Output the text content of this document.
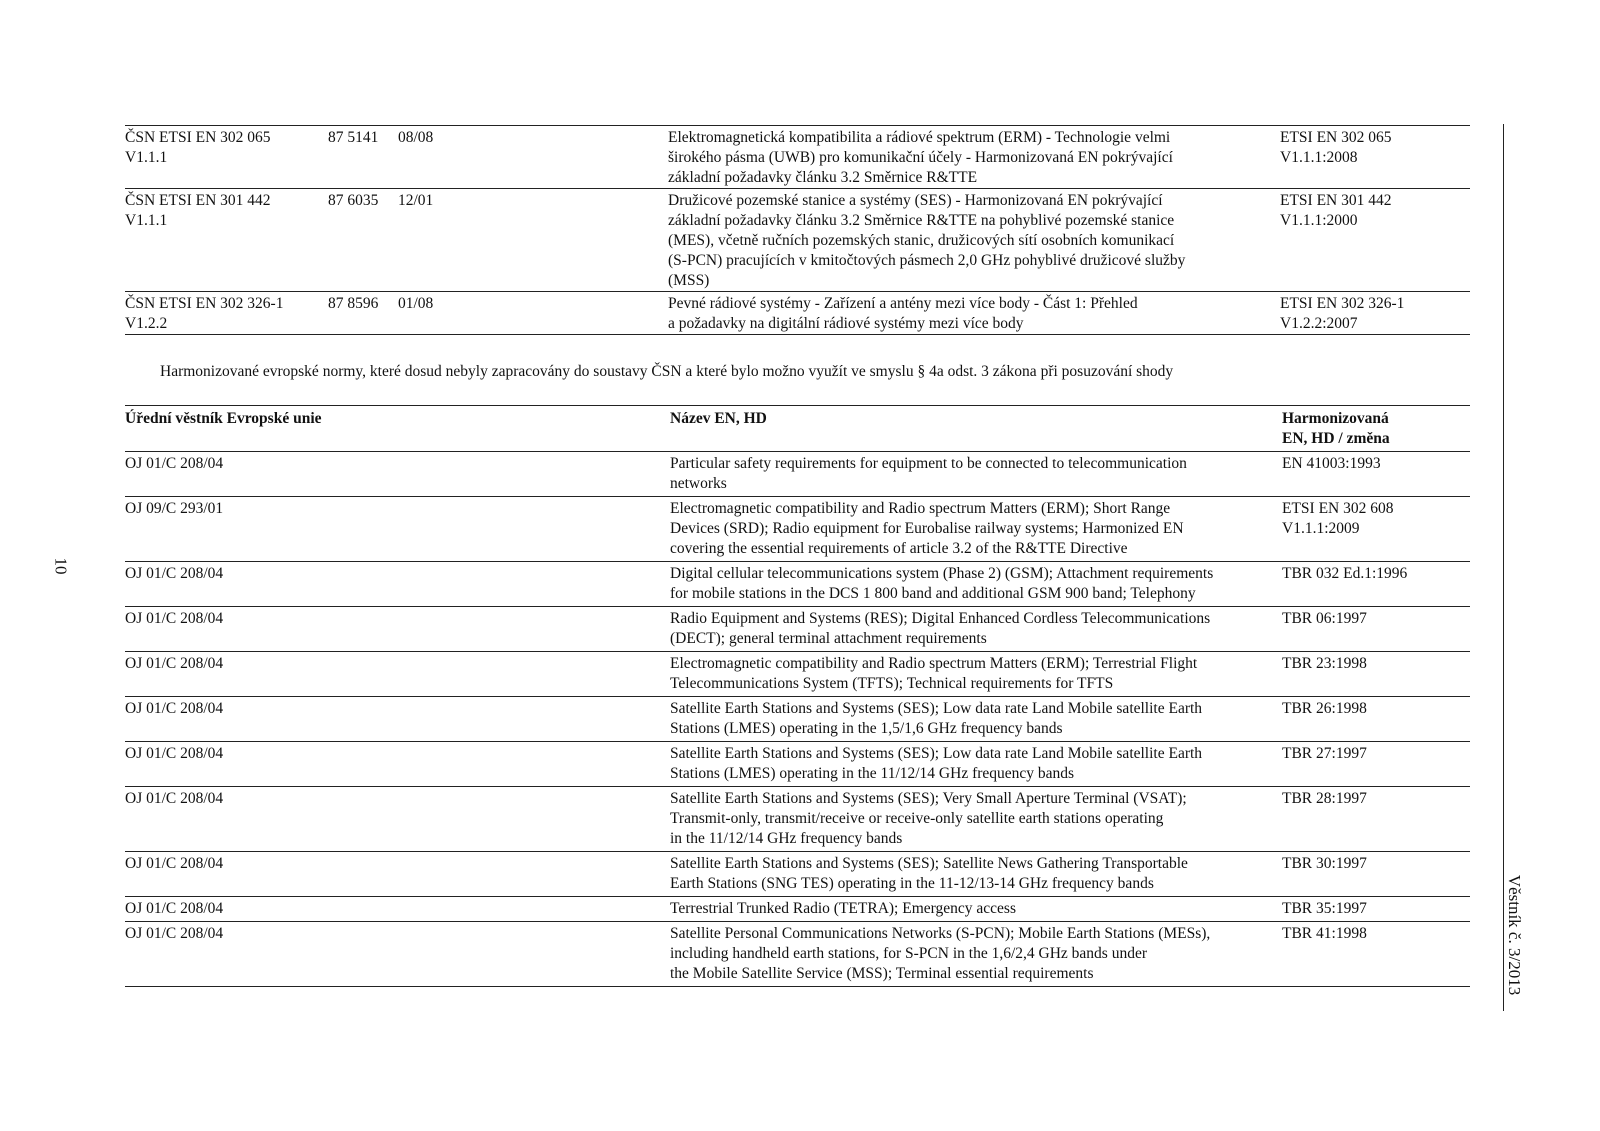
ČSN ETSI EN 302 065
V1.1.1	87 5141	08/08	Elektromagnetická kompatibilita a rádiové spektrum (ERM) - Technologie velmi
širokého pásma (UWB) pro komunikační účely - Harmonizovaná EN pokrývající
základní požadavky článku 3.2 Směrnice R&TTE	ETSI EN 302 065
V1.1.1:2008
ČSN ETSI EN 301 442
V1.1.1	87 6035	12/01	Družicové pozemské stanice a systémy (SES) - Harmonizovaná EN pokrývající
základní požadavky článku 3.2 Směrnice R&TTE na pohyblivé pozemské stanice
(MES), včetně ručních pozemských stanic, družicových sítí osobních komunikací
(S-PCN) pracujících v kmitočtových pásmech 2,0 GHz pohyblivé družicové služby
(MSS)	ETSI EN 301 442
V1.1.1:2000
ČSN ETSI EN 302 326-1
V1.2.2	87 8596	01/08	Pevné rádiové systémy - Zařízení a antény mezi více body - Část 1: Přehled
a požadavky na digitální rádiové systémy mezi více body	ETSI EN 302 326-1
V1.2.2:2007
Harmonizované evropské normy, které dosud nebyly zapracovány do soustavy ČSN a které bylo možno využít ve smyslu § 4a odst. 3 zákona při posuzování shody
Úřední věstník Evropské unie	Název EN, HD	Harmonizovaná
EN, HD / změna
OJ 01/C 208/04	Particular safety requirements for equipment to be connected to telecommunication
networks	EN 41003:1993
OJ 09/C 293/01	Electromagnetic compatibility and Radio spectrum Matters (ERM); Short Range
Devices (SRD); Radio equipment for Eurobalise railway systems; Harmonized EN
covering the essential requirements of article 3.2 of the R&TTE Directive	ETSI EN 302 608
V1.1.1:2009
OJ 01/C 208/04	Digital cellular telecommunications system (Phase 2) (GSM); Attachment requirements
for mobile stations in the DCS 1 800 band and additional GSM 900 band; Telephony	TBR 032 Ed.1:1996
OJ 01/C 208/04	Radio Equipment and Systems (RES); Digital Enhanced Cordless Telecommunications
(DECT); general terminal attachment requirements	TBR 06:1997
OJ 01/C 208/04	Electromagnetic compatibility and Radio spectrum Matters (ERM); Terrestrial Flight
Telecommunications System (TFTS); Technical requirements for TFTS	TBR 23:1998
OJ 01/C 208/04	Satellite Earth Stations and Systems (SES); Low data rate Land Mobile satellite Earth
Stations (LMES) operating in the 1,5/1,6 GHz frequency bands	TBR 26:1998
OJ 01/C 208/04	Satellite Earth Stations and Systems (SES); Low data rate Land Mobile satellite Earth
Stations (LMES) operating in the 11/12/14 GHz frequency bands	TBR 27:1997
OJ 01/C 208/04	Satellite Earth Stations and Systems (SES); Very Small Aperture Terminal (VSAT);
Transmit-only, transmit/receive or receive-only satellite earth stations operating
in the 11/12/14 GHz frequency bands	TBR 28:1997
OJ 01/C 208/04	Satellite Earth Stations and Systems (SES); Satellite News Gathering Transportable
Earth Stations (SNG TES) operating in the 11-12/13-14 GHz frequency bands	TBR 30:1997
OJ 01/C 208/04	Terrestrial Trunked Radio (TETRA); Emergency access	TBR 35:1997
OJ 01/C 208/04	Satellite Personal Communications Networks (S-PCN); Mobile Earth Stations (MESs),
including handheld earth stations, for S-PCN in the 1,6/2,4 GHz bands under
the Mobile Satellite Service (MSS); Terminal essential requirements	TBR 41:1998
10
Věstník č. 3/2013
